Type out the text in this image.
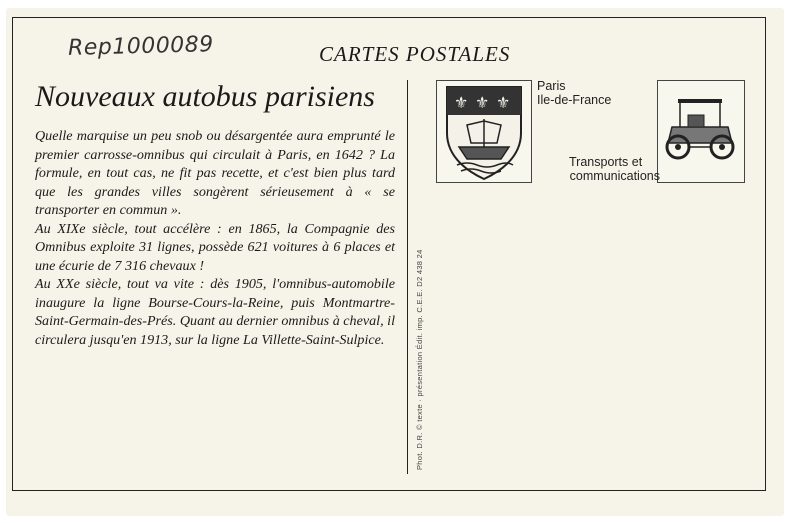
Rep1000089	CARTES POSTALES
Nouveaux autobus parisiens

Quelle marquise un peu snob ou désargentée aura emprunté le premier carrosse-omnibus qui circulait à Paris, en 1642 ? La formule, en tout cas, ne fit pas recette, et c'est bien plus tard que les grandes villes songèrent sérieusement à « se transporter en commun ».

Au XIXe siècle, tout accélère : en 1865, la Compagnie des Omnibus exploite 31 lignes, possède 621 voitures à 6 places et une écurie de 7 316 chevaux !

Au XXe siècle, tout va vite : dès 1905, l'omnibus-automobile inaugure la ligne Bourse-Cours-la-Reine, puis Montmartre-Saint-Germain-des-Prés. Quant au dernier omnibus à cheval, il circulera jusqu'en 1913, sur la ligne La Villette-Saint-Sulpice.	Phot. D.R. © texte · présentation Édit. imp. C.E.E. D2 438 24
⚜ ⚜ ⚜
Paris
Ile-de-France
Transports et
communications
